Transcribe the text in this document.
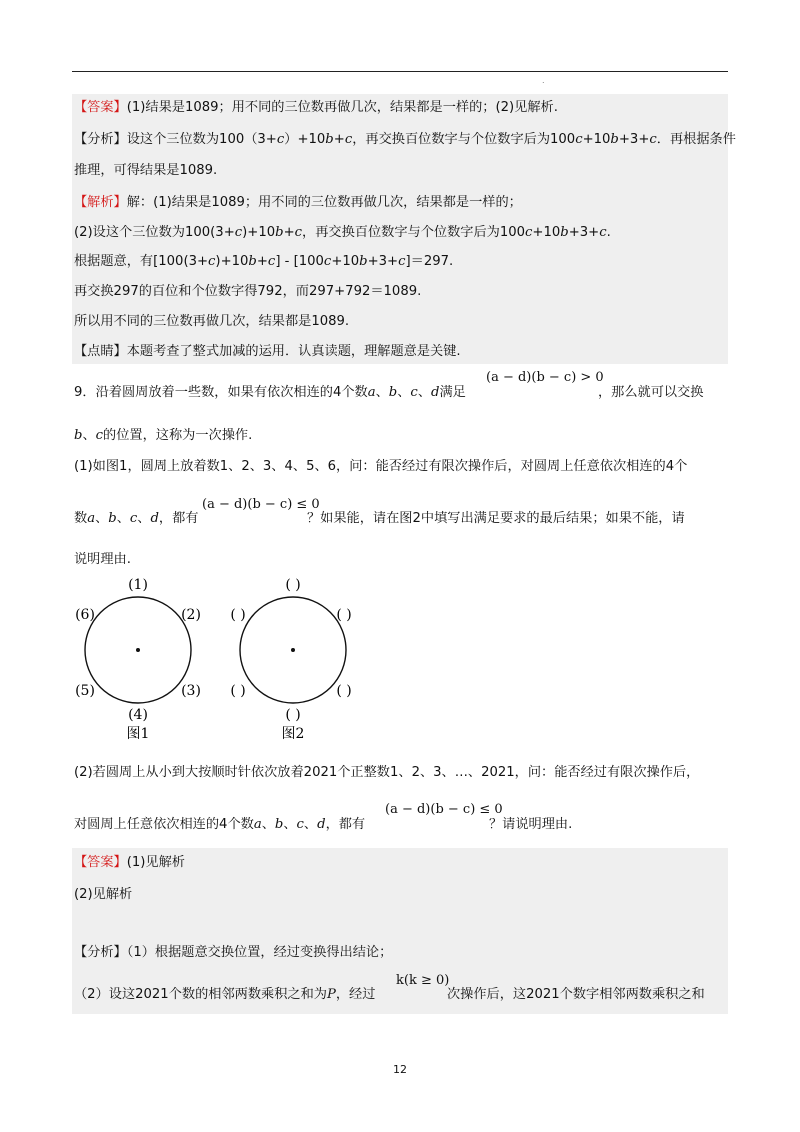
.
【答案】(1)结果是1089；用不同的三位数再做几次，结果都是一样的；(2)见解析.
【分析】设这个三位数为100（3+c）+10b+c，再交换百位数字与个位数字后为100c+10b+3+c．再根据条件
推理，可得结果是1089.
【解析】解：(1)结果是1089；用不同的三位数再做几次，结果都是一样的；
(2)设这个三位数为100(3+c)+10b+c，再交换百位数字与个位数字后为100c+10b+3+c.
根据题意，有[100(3+c)+10b+c] - [100c+10b+3+c]＝297.
再交换297的百位和个位数字得792，而297+792＝1089.
所以用不同的三位数再做几次，结果都是1089.
【点睛】本题考查了整式加减的运用．认真读题，理解题意是关键.
9．沿着圆周放着一些数，如果有依次相连的4个数a、b、c、d满足
(a − d)(b − c) > 0
，那么就可以交换
b、c的位置，这称为一次操作.
(1)如图1，圆周上放着数1、2、3、4、5、6，问：能否经过有限次操作后，对圆周上任意依次相连的4个
数a、b、c、d，都有
(a − d)(b − c) ≤ 0
？如果能，请在图2中填写出满足要求的最后结果；如果不能，请
说明理由.
(1)
(2)
(3)
(4)
(5)
(6)
图1
( )
( )
( )
( )
( )
( )
图2
(2)若圆周上从小到大按顺时针依次放着2021个正整数1、2、3、…、2021，问：能否经过有限次操作后，
对圆周上任意依次相连的4个数a、b、c、d，都有
(a − d)(b − c) ≤ 0
？请说明理由.
【答案】(1)见解析
(2)见解析
【分析】（1）根据题意交换位置，经过变换得出结论；
（2）设这2021个数的相邻两数乘积之和为P，经过
k(k ≥ 0)
次操作后，这2021个数字相邻两数乘积之和
12
